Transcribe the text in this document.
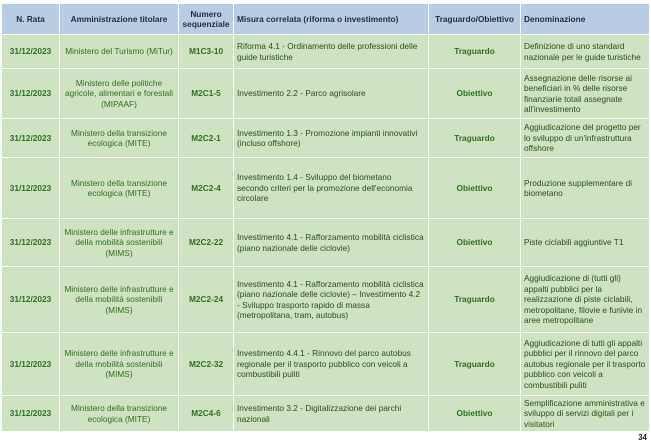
N. Rata	Amministrazione titolare	Numero sequenziale	Misura correlata (riforma o investimento)	Traguardo/Obiettivo	Denominazione
31/12/2023	Ministero del Turismo (MiTur)	M1C3-10	Riforma 4.1 - Ordinamento delle professioni delle guide turistiche	Traguardo	Definizione di uno standard nazionale per le guide turistiche
31/12/2023	Ministero delle politiche agricole, alimentari e forestali (MIPAAF)	M2C1-5	Investimento 2.2 - Parco agrisolare	Obiettivo	Assegnazione delle risorse ai beneficiari in % delle risorse finanziarie totali assegnate all'investimento
31/12/2023	Ministero della transizione ecologica (MITE)	M2C2-1	Investimento 1.3 - Promozione impianti innovativi (incluso offshore)	Traguardo	Aggiudicazione del progetto per lo sviluppo di un'infrastruttura offshore
31/12/2023	Ministero della transizione ecologica (MITE)	M2C2-4	Investimento 1.4 - Sviluppo del biometano secondo criteri per la promozione dell'economia circolare	Obiettivo	Produzione supplementare di biometano
31/12/2023	Ministero delle infrastrutture e della mobilità sostenibili (MIMS)	M2C2-22	Investimento 4.1 - Rafforzamento mobilità ciclistica (piano nazionale delle ciclovie)	Obiettivo	Piste ciclabili aggiuntive T1
31/12/2023	Ministero delle infrastrutture e della mobilità sostenibili (MIMS)	M2C2-24	Investimento 4.1 - Rafforzamento mobilità ciclistica (piano nazionale delle ciclovie) – Investimento 4.2 - Sviluppo trasporto rapido di massa (metropolitana, tram, autobus)	Traguardo	Aggiudicazione di (tutti gli) appalti pubblici per la realizzazione di piste ciclabili, metropolitane, filovie e funivie in aree metropolitane
31/12/2023	Ministero delle infrastrutture e della mobilità sostenibili (MIMS)	M2C2-32	Investimento 4.4.1 - Rinnovo del parco autobus regionale per il trasporto pubblico con veicoli a combustibili puliti	Traguardo	Aggiudicazione di tutti gli appalti pubblici per il rinnovo del parco autobus regionale per il trasporto pubblico con veicoli a combustibili puliti
31/12/2023	Ministero della transizione ecologica (MITE)	M2C4-6	Investimento 3.2 - Digitalizzazione dei parchi nazionali	Obiettivo	Semplificazione amministrativa e sviluppo di servizi digitali per i visitatori
34
